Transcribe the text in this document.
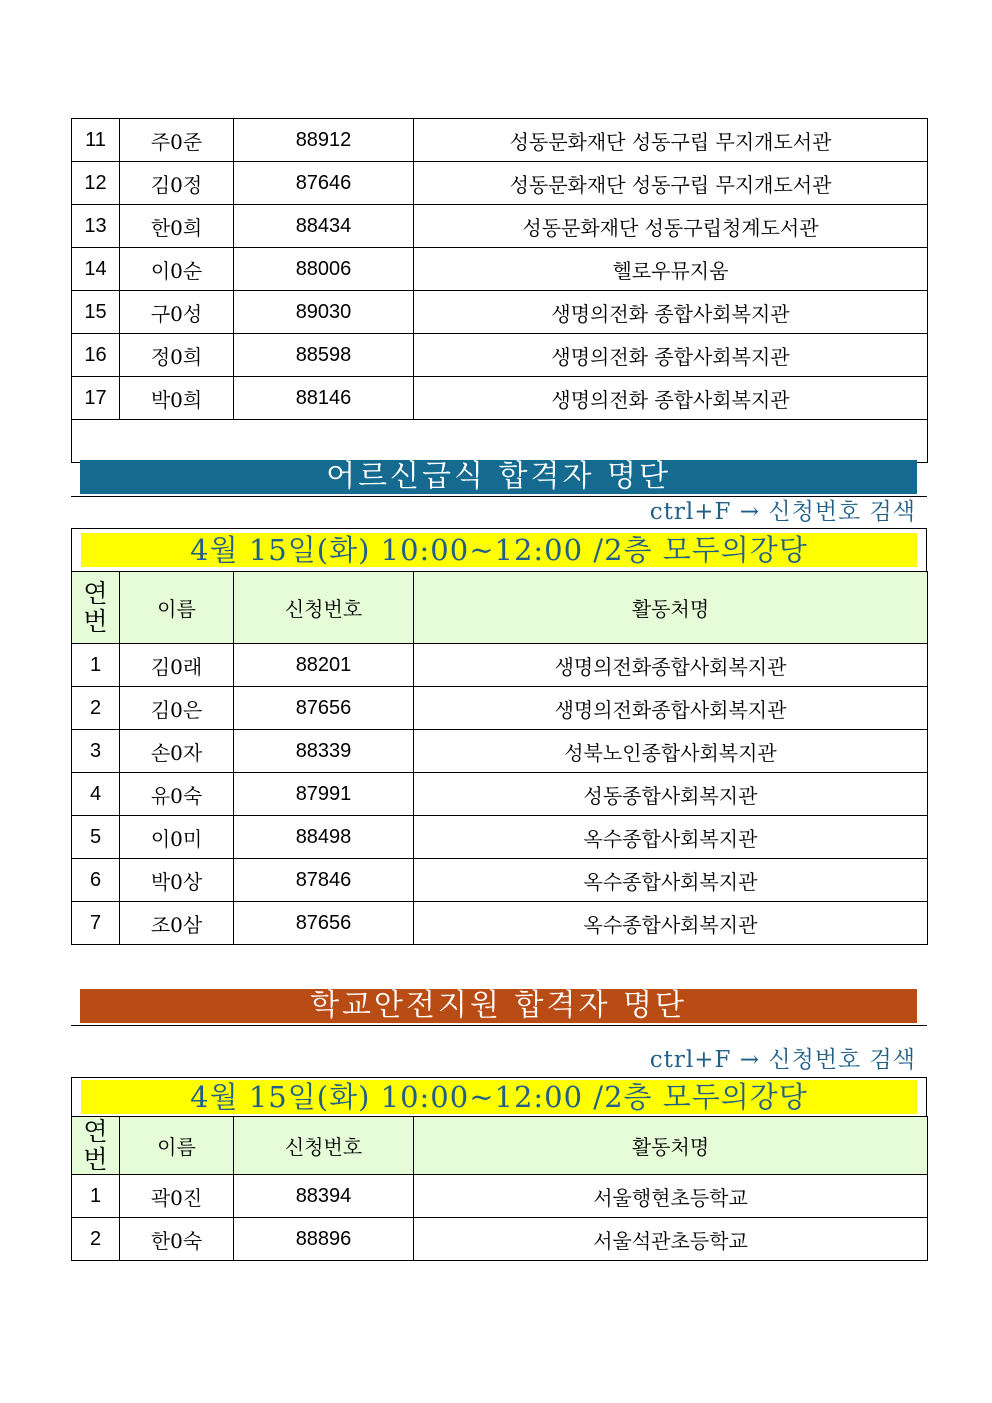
11	주0준	88912	성동문화재단 성동구립 무지개도서관
12	김0정	87646	성동문화재단 성동구립 무지개도서관
13	한0희	88434	성동문화재단 성동구립청계도서관
14	이0순	88006	헬로우뮤지움
15	구0성	89030	생명의전화 종합사회복지관
16	정0희	88598	생명의전화 종합사회복지관
17	박0희	88146	생명의전화 종합사회복지관

어르신급식 합격자 명단
ctrl+F → 신청번호 검색
4월 15일(화) 10:00~12:00 /2층 모두의강당
연번	이름	신청번호	활동처명
1	김0래	88201	생명의전화종합사회복지관
2	김0은	87656	생명의전화종합사회복지관
3	손0자	88339	성북노인종합사회복지관
4	유0숙	87991	성동종합사회복지관
5	이0미	88498	옥수종합사회복지관
6	박0상	87846	옥수종합사회복지관
7	조0삼	87656	옥수종합사회복지관
학교안전지원 합격자 명단
ctrl+F → 신청번호 검색
4월 15일(화) 10:00~12:00 /2층 모두의강당
연번	이름	신청번호	활동처명
1	곽0진	88394	서울행현초등학교
2	한0숙	88896	서울석관초등학교
